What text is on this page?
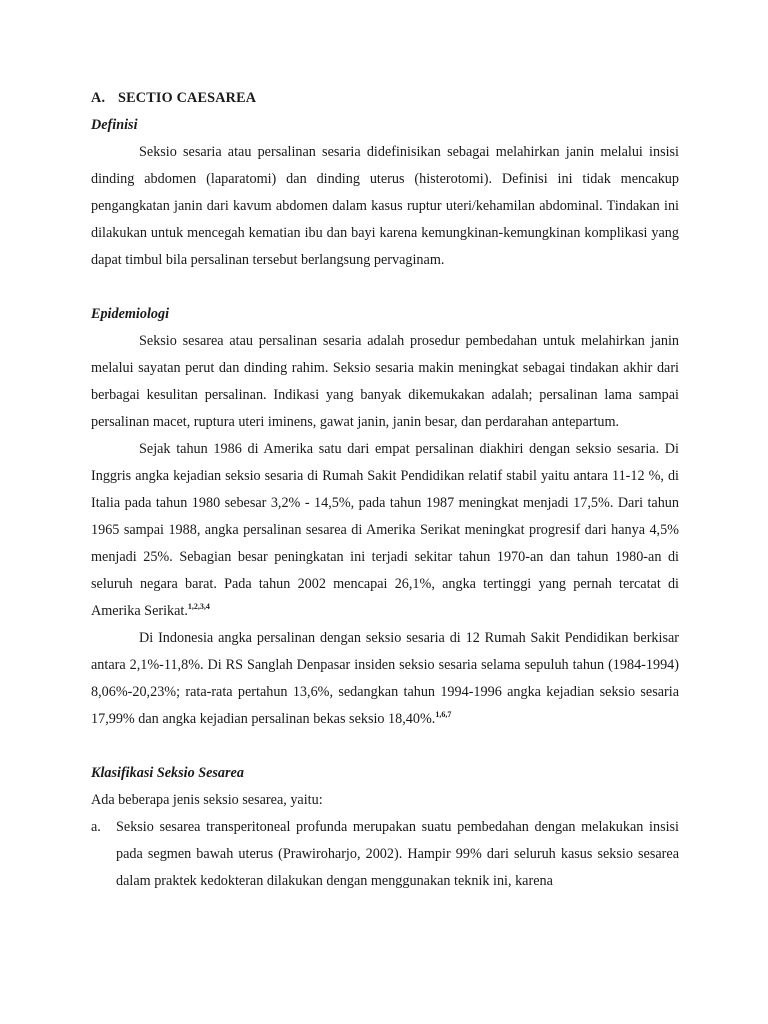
A. SECTIO CAESAREA

Definisi

Seksio sesaria atau persalinan sesaria didefinisikan sebagai melahirkan janin melalui insisi dinding abdomen (laparatomi) dan dinding uterus (histerotomi). Definisi ini tidak mencakup pengangkatan janin dari kavum abdomen dalam kasus ruptur uteri/kehamilan abdominal. Tindakan ini dilakukan untuk mencegah kematian ibu dan bayi karena kemungkinan-kemungkinan komplikasi yang dapat timbul bila persalinan tersebut berlangsung pervaginam.

Epidemiologi

Seksio sesarea atau persalinan sesaria adalah prosedur pembedahan untuk melahirkan janin melalui sayatan perut dan dinding rahim. Seksio sesaria makin meningkat sebagai tindakan akhir dari berbagai kesulitan persalinan. Indikasi yang banyak dikemukakan adalah; persalinan lama sampai persalinan macet, ruptura uteri iminens, gawat janin, janin besar, dan perdarahan antepartum.

Sejak tahun 1986 di Amerika satu dari empat persalinan diakhiri dengan seksio sesaria. Di Inggris angka kejadian seksio sesaria di Rumah Sakit Pendidikan relatif stabil yaitu antara 11-12 %, di Italia pada tahun 1980 sebesar 3,2% - 14,5%, pada tahun 1987 meningkat menjadi 17,5%. Dari tahun 1965 sampai 1988, angka persalinan sesarea di Amerika Serikat meningkat progresif dari hanya 4,5% menjadi 25%. Sebagian besar peningkatan ini terjadi sekitar tahun 1970-an dan tahun 1980-an di seluruh negara barat. Pada tahun 2002 mencapai 26,1%, angka tertinggi yang pernah tercatat di Amerika Serikat.$^{1,2,3,4}$

Di Indonesia angka persalinan dengan seksio sesaria di 12 Rumah Sakit Pendidikan berkisar antara 2,1%-11,8%. Di RS Sanglah Denpasar insiden seksio sesaria selama sepuluh tahun (1984-1994) 8,06%-20,23%; rata-rata pertahun 13,6%, sedangkan tahun 1994-1996 angka kejadian seksio sesaria 17,99% dan angka kejadian persalinan bekas seksio 18,40%.$^{1,6,7}$

Klasifikasi Seksio Sesarea

Ada beberapa jenis seksio sesarea, yaitu:

a.	Seksio sesarea transperitoneal profunda merupakan suatu pembedahan dengan melakukan insisi pada segmen bawah uterus (Prawiroharjo, 2002). Hampir 99% dari seluruh kasus seksio sesarea dalam praktek kedokteran dilakukan dengan menggunakan teknik ini, karena
